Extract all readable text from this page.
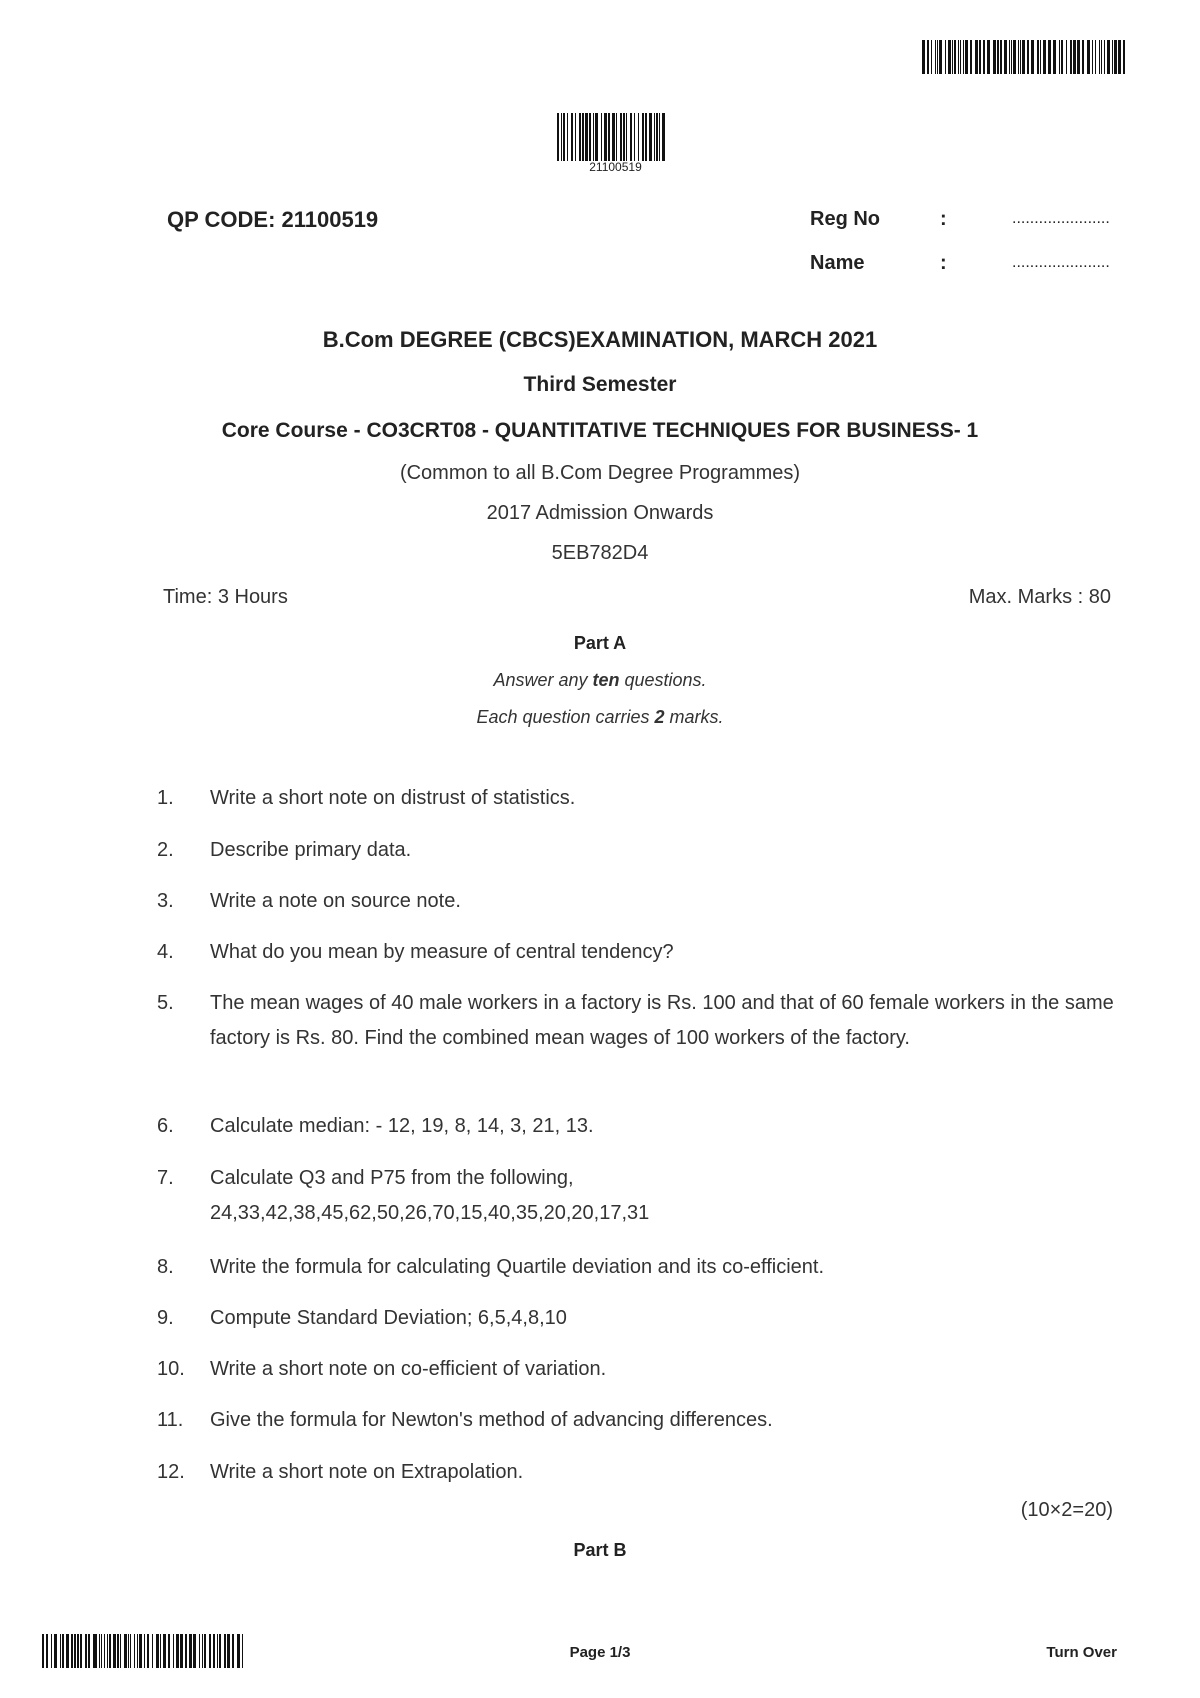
21100519
QP CODE: 21100519	Reg No	:	......................
Name	:	......................
B.Com DEGREE (CBCS)EXAMINATION, MARCH 2021
Third Semester
Core Course - CO3CRT08 - QUANTITATIVE TECHNIQUES FOR BUSINESS- 1
(Common to all B.Com Degree Programmes)
2017 Admission Onwards
5EB782D4
Time: 3 Hours	Max. Marks : 80
Part A
Answer any ten questions.
Each question carries 2 marks.
1.	Write a short note on distrust of statistics.
2.	Describe primary data.
3.	Write a note on source note.
4.	What do you mean by measure of central tendency?
5.	The mean wages of 40 male workers in a factory is Rs. 100 and that of 60 female workers in the same factory is Rs. 80. Find the combined mean wages of 100 workers of the factory.
6.	Calculate median: - 12, 19, 8, 14, 3, 21, 13.
7.	Calculate Q3 and P75 from the following,
24,33,42,38,45,62,50,26,70,15,40,35,20,20,17,31
8.	Write the formula for calculating Quartile deviation and its co-efficient.
9.	Compute Standard Deviation; 6,5,4,8,10
10.	Write a short note on co-efficient of variation.
11.	Give the formula for Newton's method of advancing differences.
12.	Write a short note on Extrapolation.
(10×2=20)
Part B
Page 1/3	Turn Over
